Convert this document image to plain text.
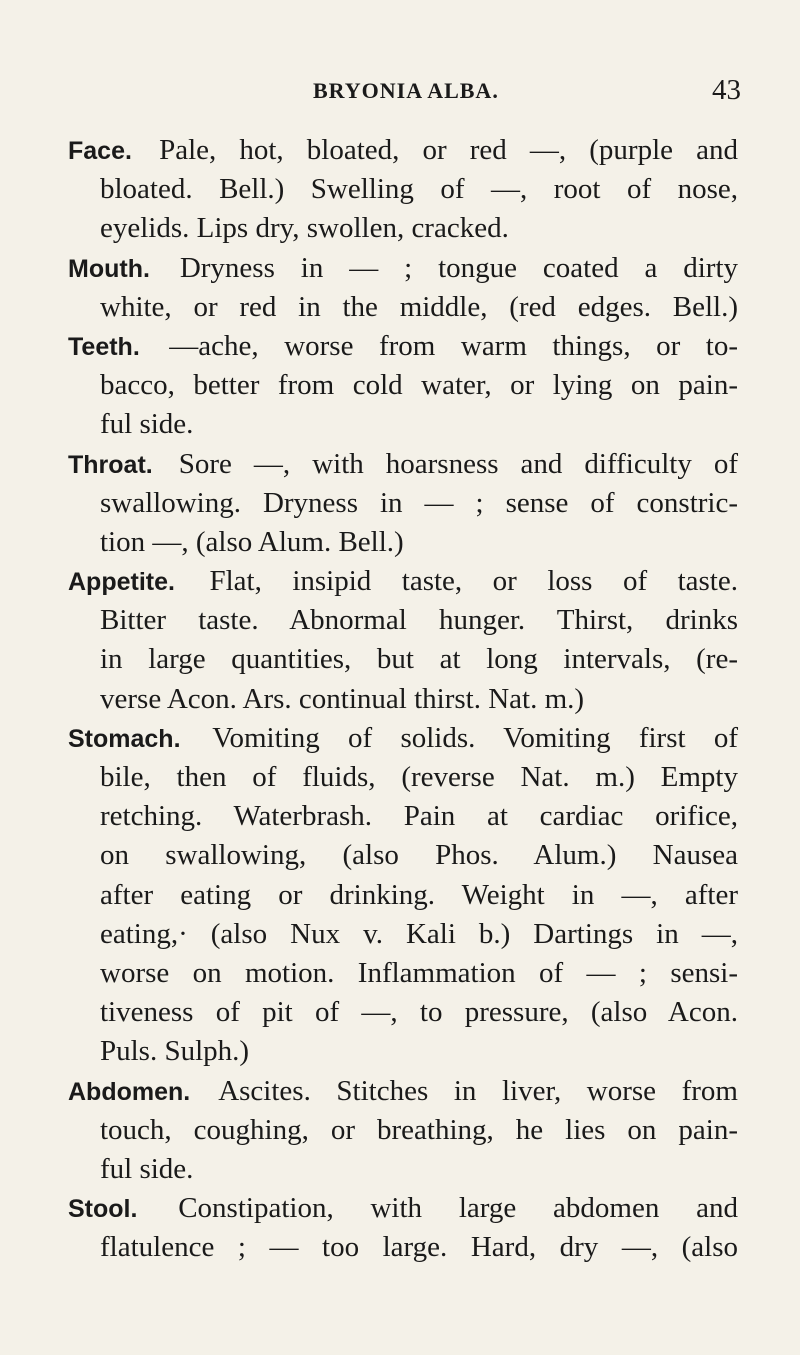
BRYONIA ALBA.	43
Face. Pale, hot, bloated, or red —, (purple and
bloated. Bell.) Swelling of —, root of nose,
eyelids. Lips dry, swollen, cracked.
Mouth. Dryness in — ; tongue coated a dirty
white, or red in the middle, (red edges. Bell.)
Teeth. —ache, worse from warm things, or to-
bacco, better from cold water, or lying on pain-
ful side.
Throat. Sore —, with hoarsness and difficulty of
swallowing. Dryness in — ; sense of constric-
tion —, (also Alum. Bell.)
Appetite. Flat, insipid taste, or loss of taste.
Bitter taste. Abnormal hunger. Thirst, drinks
in large quantities, but at long intervals, (re-
verse Acon. Ars. continual thirst. Nat. m.)
Stomach. Vomiting of solids. Vomiting first of
bile, then of fluids, (reverse Nat. m.) Empty
retching. Waterbrash. Pain at cardiac orifice,
on swallowing, (also Phos. Alum.) Nausea
after eating or drinking. Weight in —, after
eating,· (also Nux v. Kali b.) Dartings in —,
worse on motion. Inflammation of — ; sensi-
tiveness of pit of —, to pressure, (also Acon.
Puls. Sulph.)
Abdomen. Ascites. Stitches in liver, worse from
touch, coughing, or breathing, he lies on pain-
ful side.
Stool. Constipation, with large abdomen and
flatulence ; — too large. Hard, dry —, (also
